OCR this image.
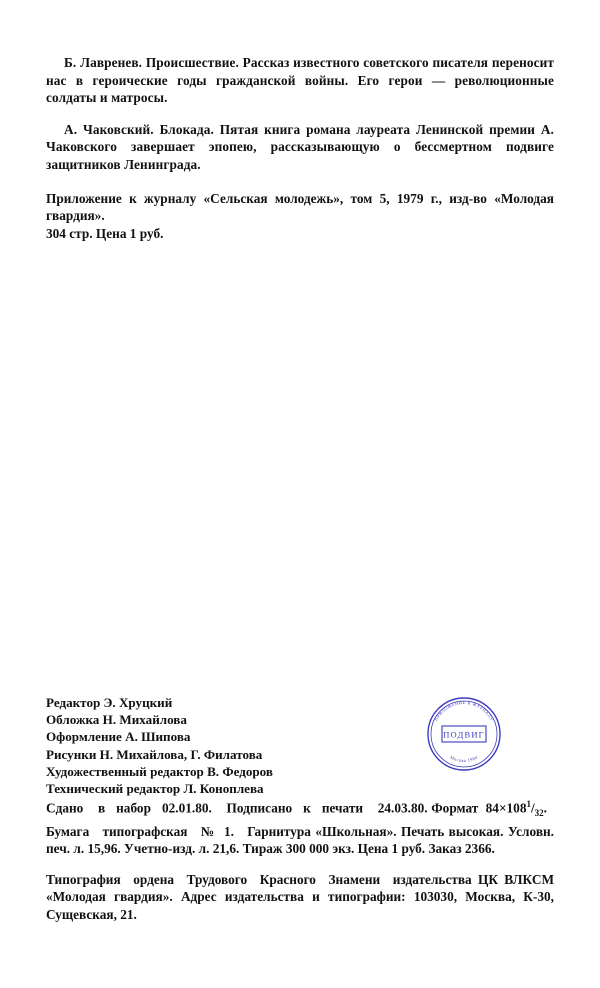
Б. Лавренев. Происшествие. Рассказ известного советского писателя переносит нас в героические годы гражданской войны. Его герои — революционные солдаты и матросы.

А. Чаковский. Блокада. Пятая книга романа лауреата Ленинской премии А. Чаковского завершает эпопею, рассказывающую о бессмертном подвиге защитников Ленинграда.

Приложение к журналу «Сельская молодежь», том 5, 1979 г., изд-во «Молодая гвардия».

304 стр. Цена 1 руб.

Редактор Э. Хруцкий
Обложка Н. Михайлова
Оформление А. Шипова
Рисунки Н. Михайлова, Г. Филатова
Художественный редактор В. Федоров
Технический редактор Л. Коноплева
ПОДВИГ
ПРИЛОЖЕНИЕ К ЖУРНАЛУ
Москва 1980

Сдано    в   набор   02.01.80.    Подписано   к   печати    24.03.80. Формат  $84\times 108^1/_{32}$.   Бумага   типографская   №  1.   Гарнитура «Школьная». Печать высокая. Условн. печ. л. 15,96. Учетно-изд. л. 21,6. Тираж 300 000 экз. Цена 1 руб. Заказ 2366.

Типография  ордена  Трудового  Красного  Знамени  издательства ЦК ВЛКСМ «Молодая гвардия». Адрес издательства и типографии: 103030, Москва, К-30, Сущевская, 21.
